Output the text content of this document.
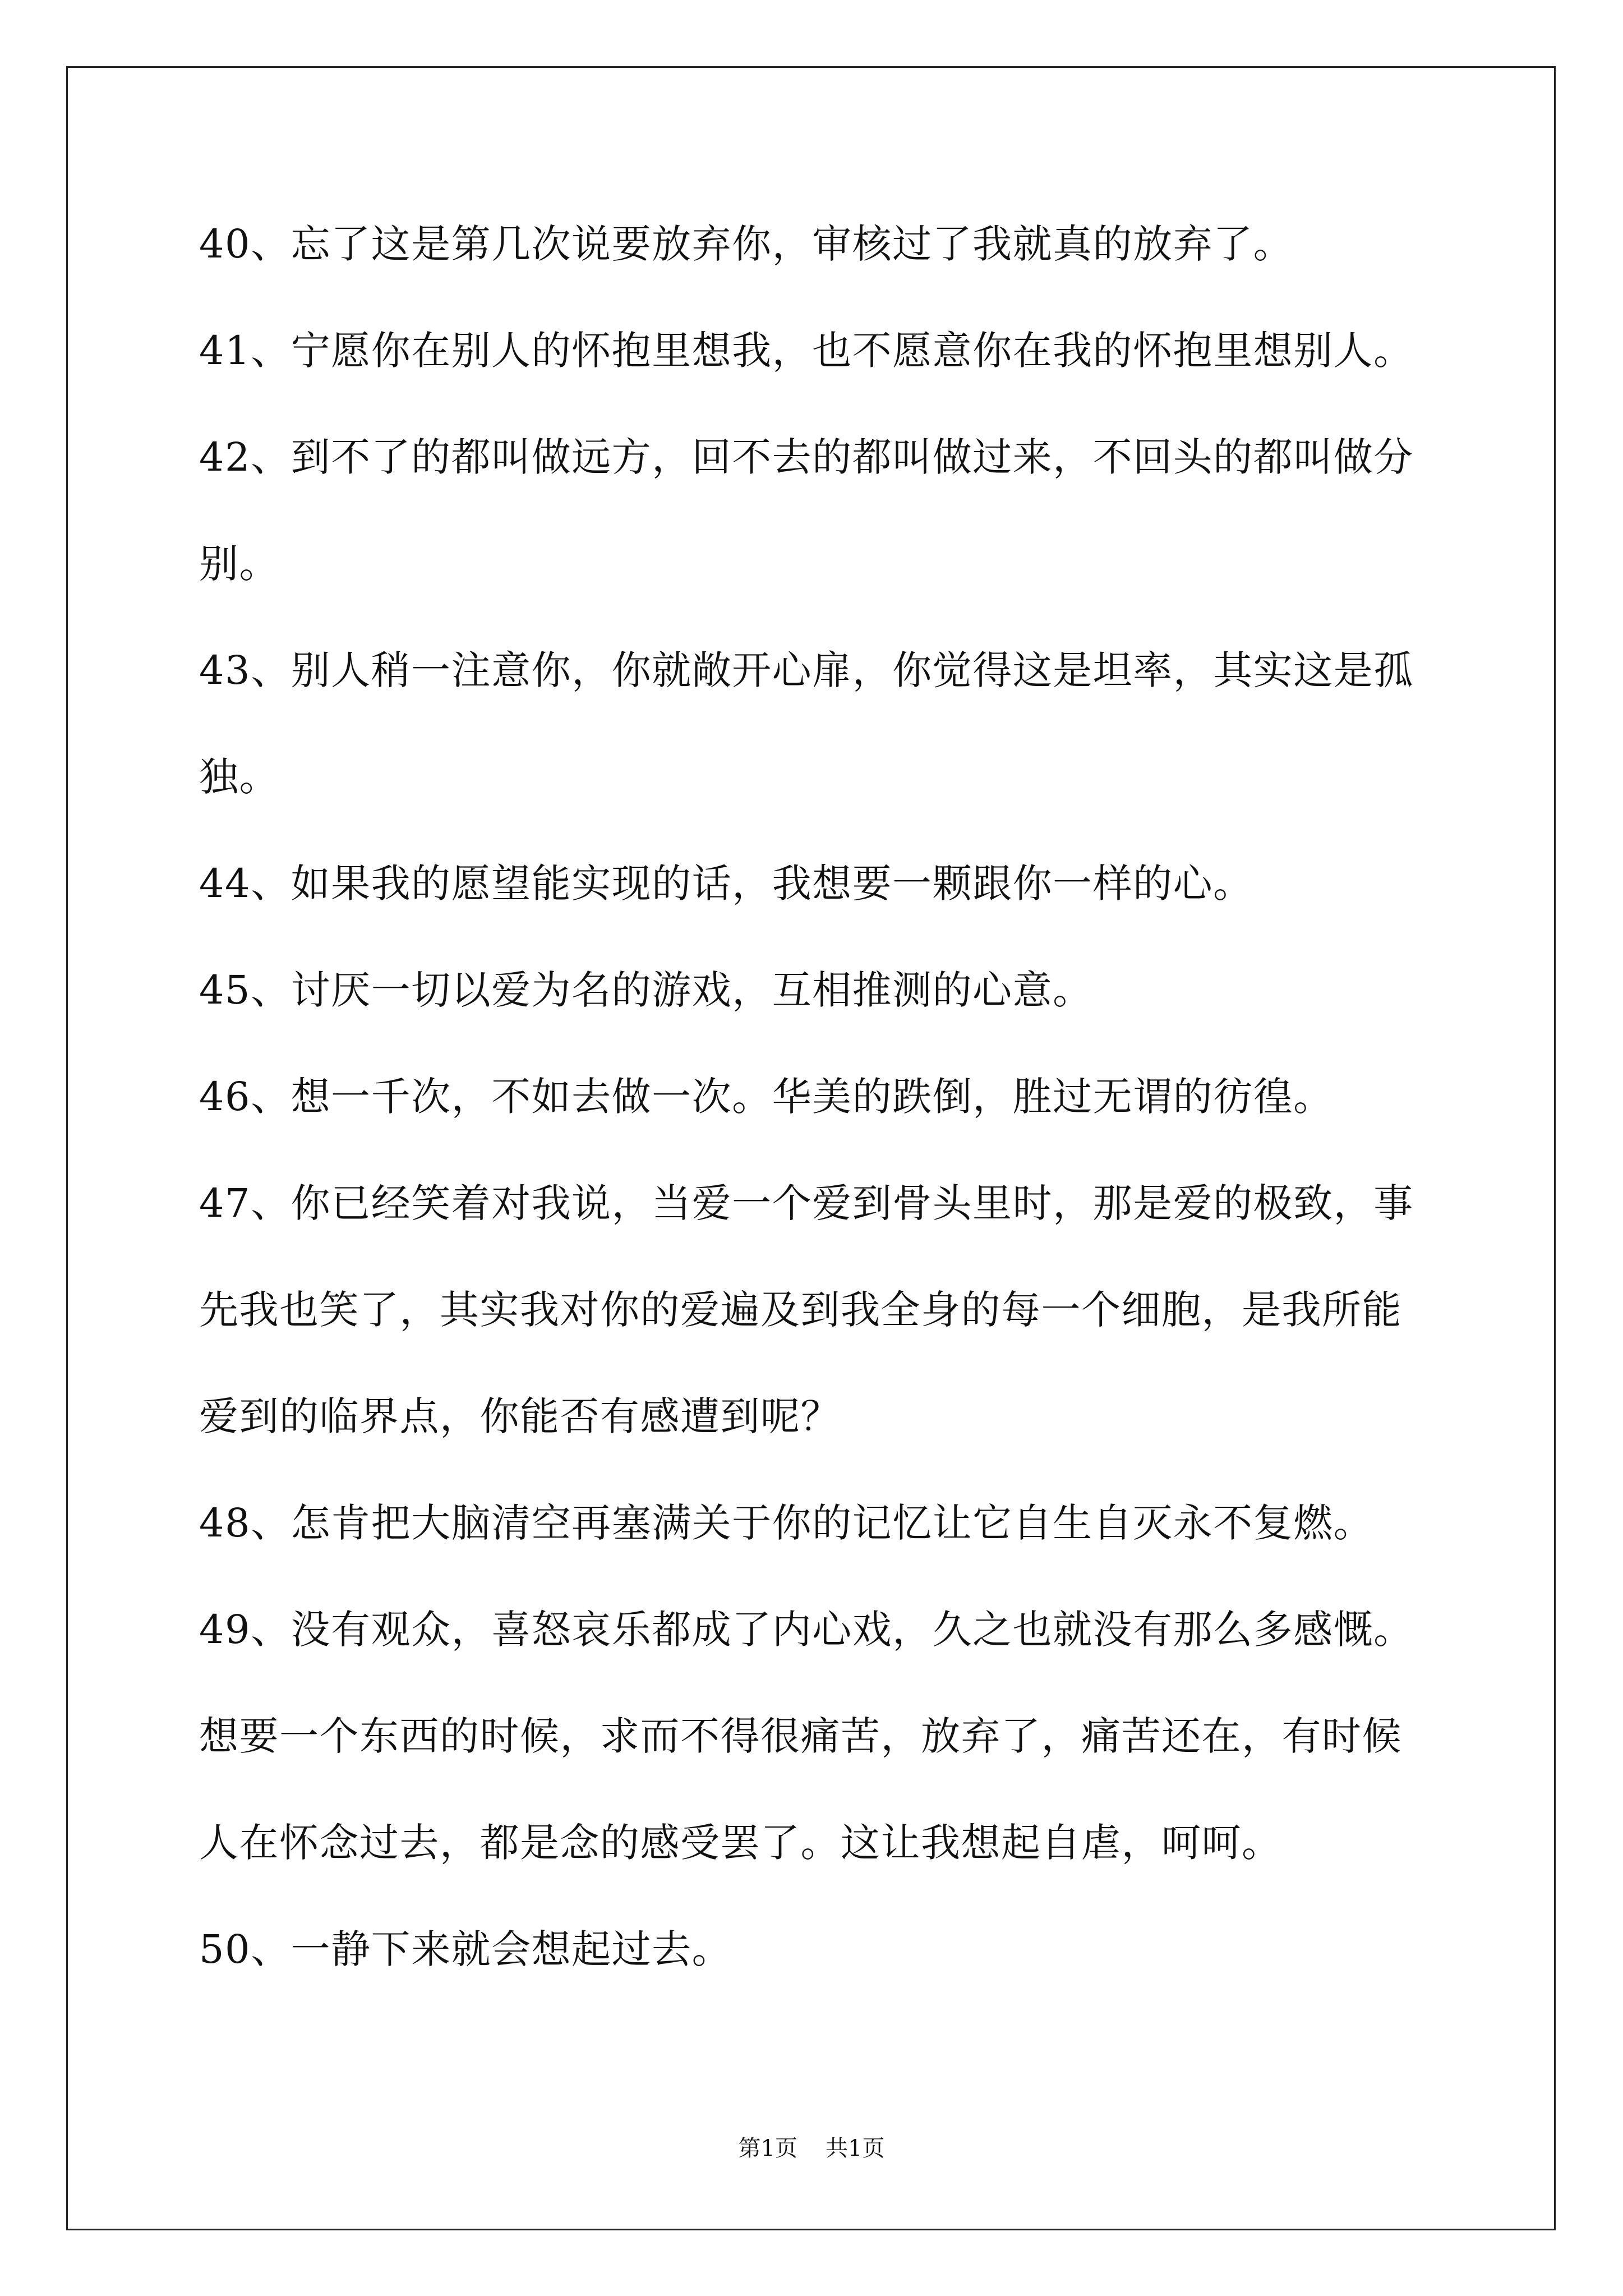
40、忘了这是第几次说要放弃你，审核过了我就真的放弃了。
41、宁愿你在别人的怀抱里想我，也不愿意你在我的怀抱里想别人。
42、到不了的都叫做远方，回不去的都叫做过来，不回头的都叫做分
别。
43、别人稍一注意你，你就敞开心扉，你觉得这是坦率，其实这是孤
独。
44、如果我的愿望能实现的话，我想要一颗跟你一样的心。
45、讨厌一切以爱为名的游戏，互相推测的心意。
46、想一千次，不如去做一次。华美的跌倒，胜过无谓的彷徨。
47、你已经笑着对我说，当爱一个爱到骨头里时，那是爱的极致，事
先我也笑了，其实我对你的爱遍及到我全身的每一个细胞，是我所能
爱到的临界点，你能否有感遭到呢？
48、怎肯把大脑清空再塞满关于你的记忆让它自生自灭永不复燃。
49、没有观众，喜怒哀乐都成了内心戏，久之也就没有那么多感慨。
想要一个东西的时候，求而不得很痛苦，放弃了，痛苦还在，有时候
人在怀念过去，都是念的感受罢了。这让我想起自虐，呵呵。
50、一静下来就会想起过去。
第1页 共1页
